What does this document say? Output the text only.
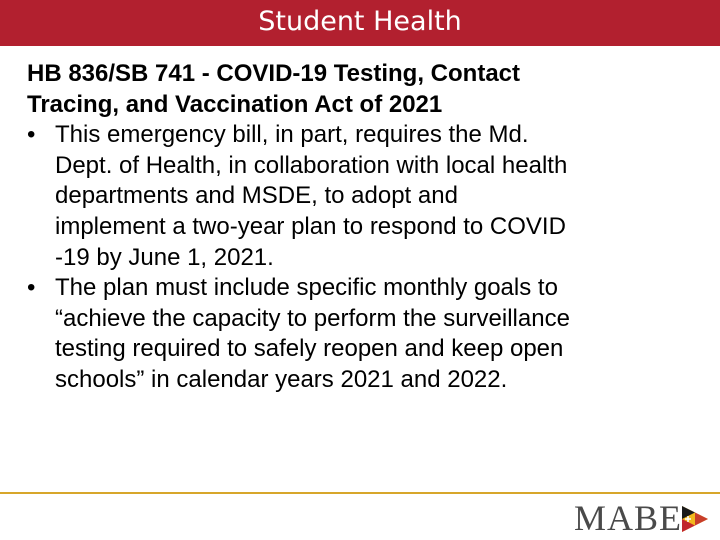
Student Health
HB 836/SB 741 - COVID-19 Testing, Contact
Tracing, and Vaccination Act of 2021
• This emergency bill, in part, requires the Md.
Dept. of Health, in collaboration with local health
departments and MSDE, to adopt and
implement a two-year plan to respond to COVID
-19 by June 1, 2021.
• The plan must include specific monthly goals to
“achieve the capacity to perform the surveillance
testing required to safely reopen and keep open
schools” in calendar years 2021 and 2022.
MABE
